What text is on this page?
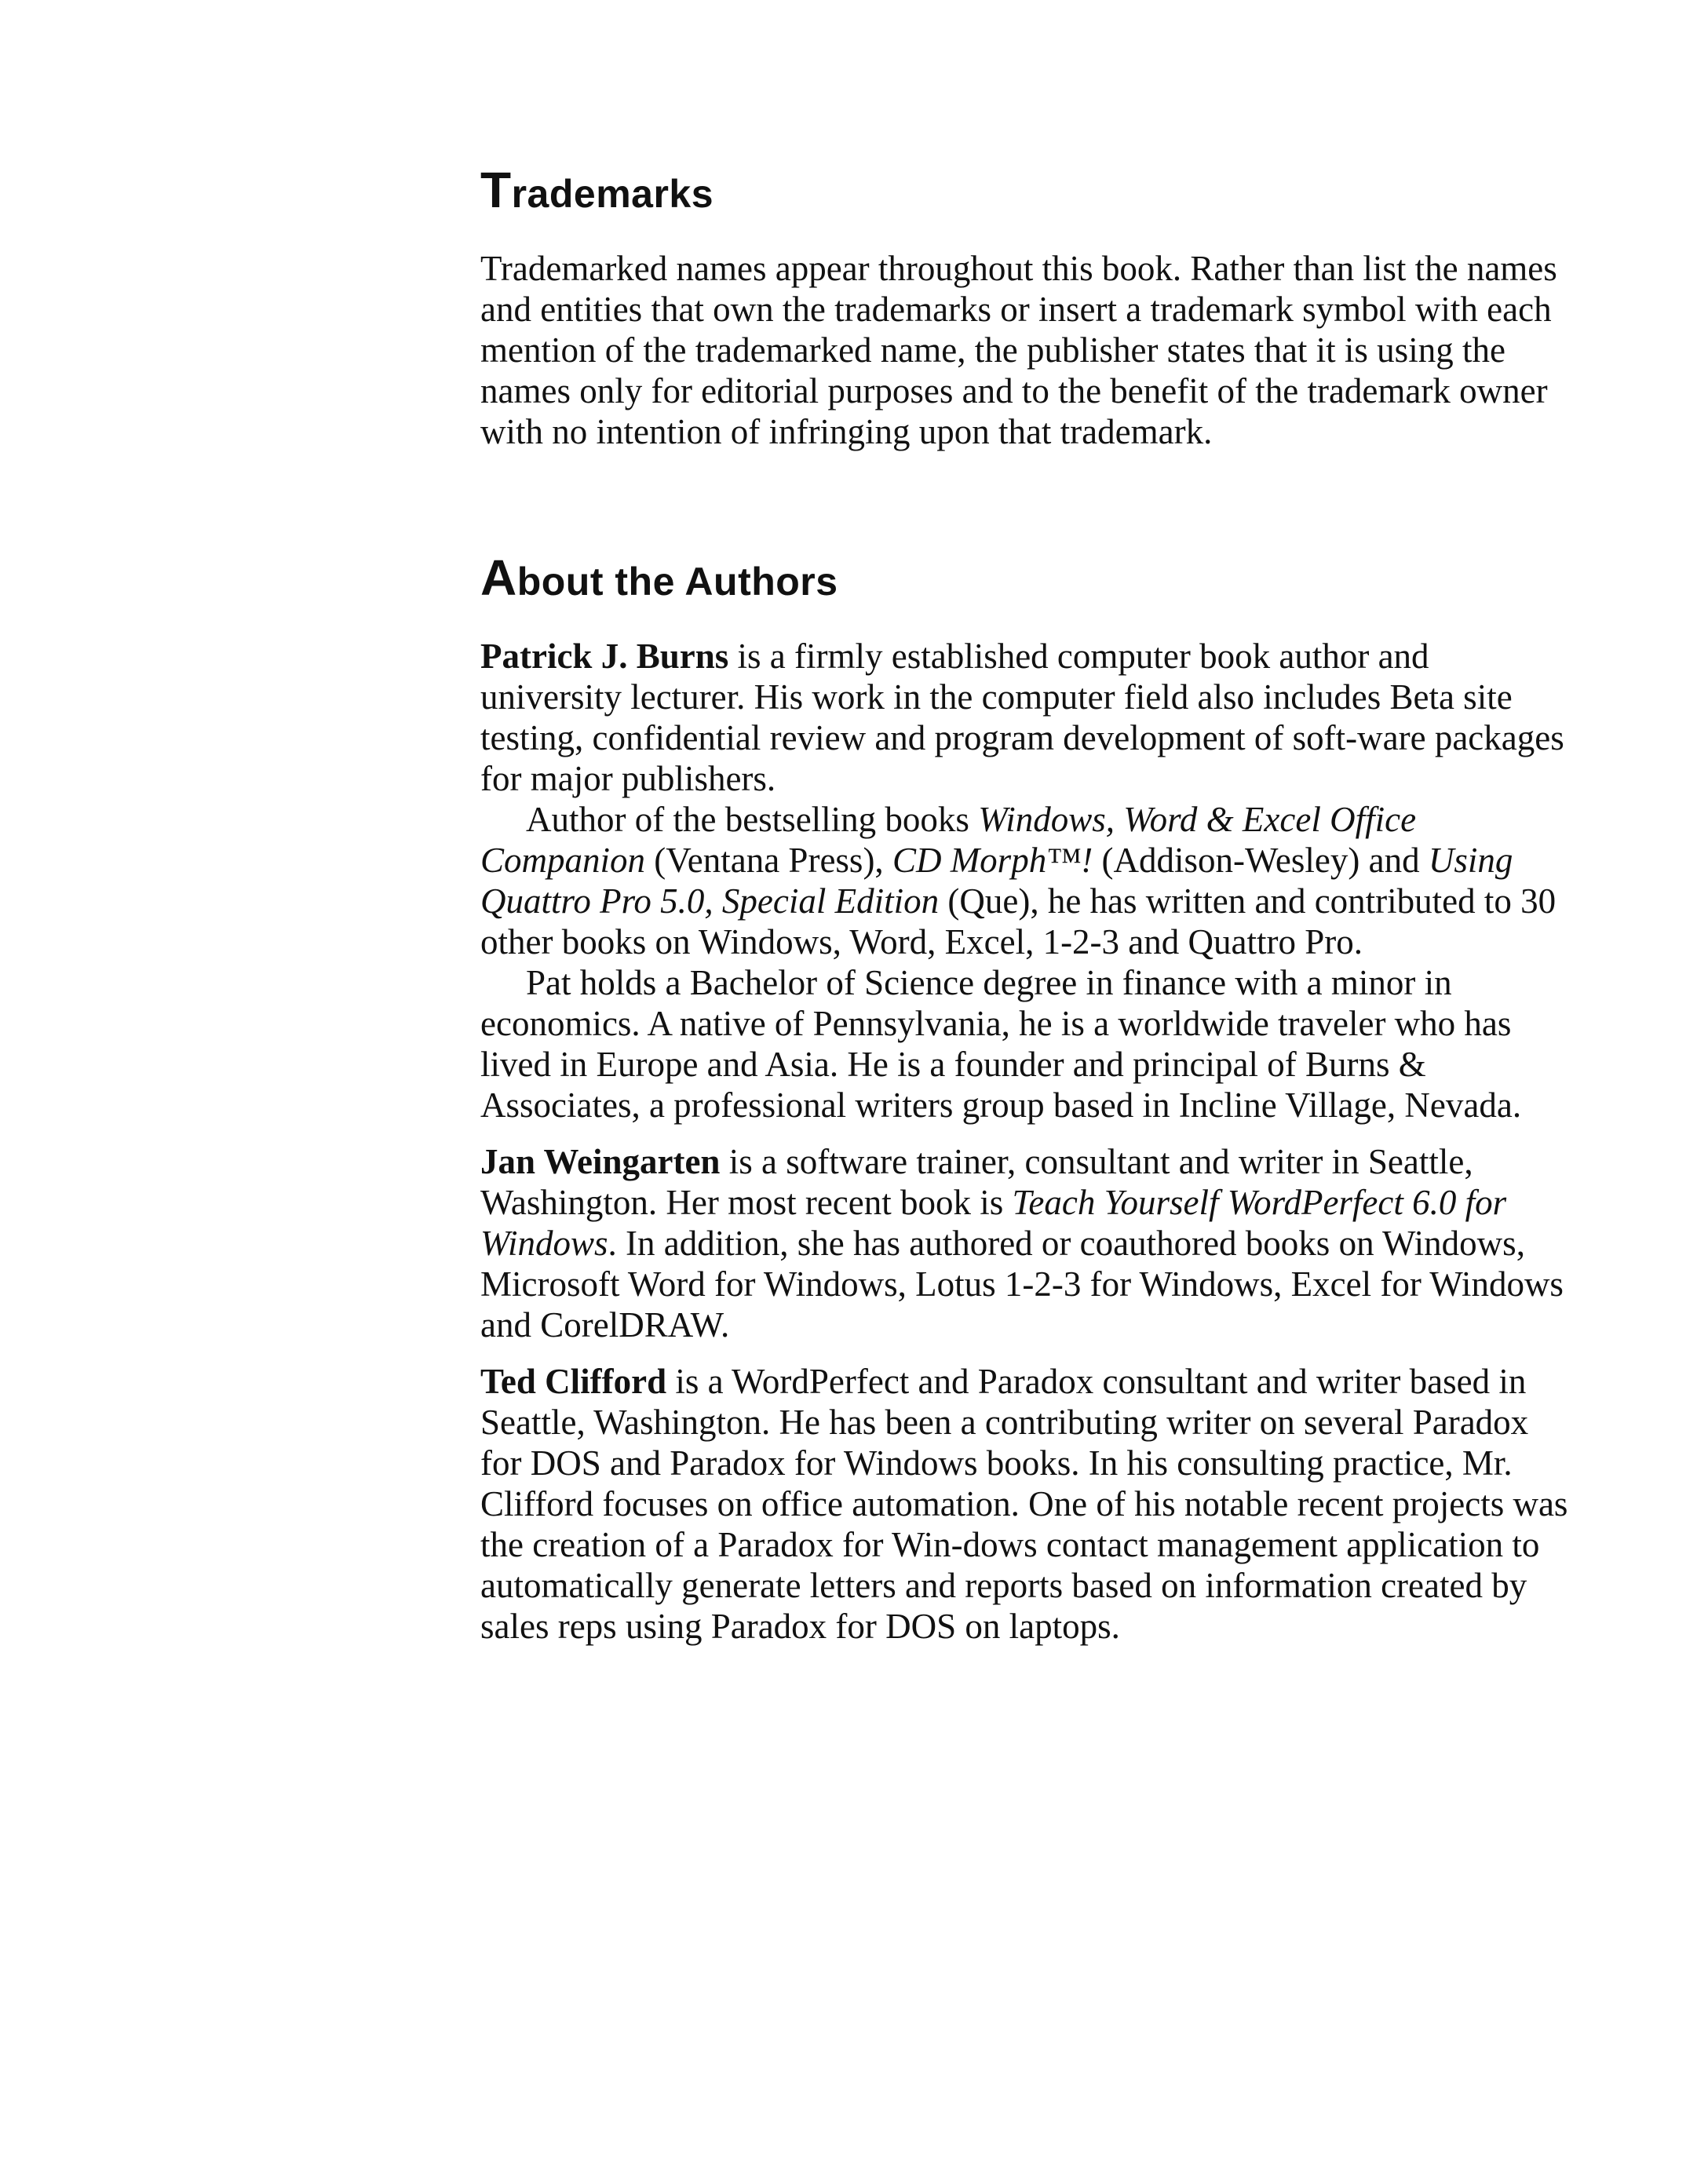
Trademarks

Trademarked names appear throughout this book. Rather than list the names and entities that own the trademarks or insert a trademark symbol with each mention of the trademarked name, the publisher states that it is using the names only for editorial purposes and to the benefit of the trademark owner with no intention of infringing upon that trademark.

About the Authors

Patrick J. Burns is a firmly established computer book author and university lecturer. His work in the computer field also includes Beta site testing, confidential review and program development of soft-ware packages for major publishers.

Author of the bestselling books Windows, Word & Excel Office Companion (Ventana Press), CD Morph™! (Addison-Wesley) and Using Quattro Pro 5.0, Special Edition (Que), he has written and contributed to 30 other books on Windows, Word, Excel, 1-2-3 and Quattro Pro.

Pat holds a Bachelor of Science degree in finance with a minor in economics. A native of Pennsylvania, he is a worldwide traveler who has lived in Europe and Asia. He is a founder and principal of Burns & Associates, a professional writers group based in Incline Village, Nevada.

Jan Weingarten is a software trainer, consultant and writer in Seattle, Washington. Her most recent book is Teach Yourself WordPerfect 6.0 for Windows. In addition, she has authored or coauthored books on Windows, Microsoft Word for Windows, Lotus 1-2-3 for Windows, Excel for Windows and CorelDRAW.

Ted Clifford is a WordPerfect and Paradox consultant and writer based in Seattle, Washington. He has been a contributing writer on several Paradox for DOS and Paradox for Windows books. In his consulting practice, Mr. Clifford focuses on office automation. One of his notable recent projects was the creation of a Paradox for Win-dows contact management application to automatically generate letters and reports based on information created by sales reps using Paradox for DOS on laptops.
